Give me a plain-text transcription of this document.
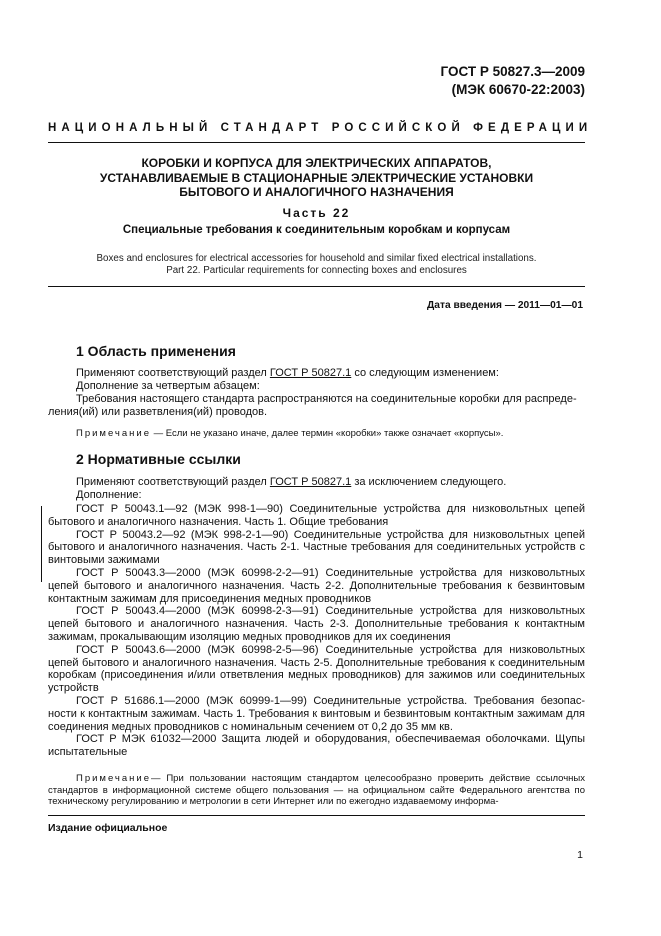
ГОСТ Р 50827.3—2009
(МЭК 60670-22:2003)
НАЦИОНАЛЬНЫЙ СТАНДАРТ РОССИЙСКОЙ ФЕДЕРАЦИИ
КОРОБКИ И КОРПУСА ДЛЯ ЭЛЕКТРИЧЕСКИХ АППАРАТОВ,
УСТАНАВЛИВАЕМЫЕ В СТАЦИОНАРНЫЕ ЭЛЕКТРИЧЕСКИЕ УСТАНОВКИ
БЫТОВОГО И АНАЛОГИЧНОГО НАЗНАЧЕНИЯ
Часть 22
Специальные требования к соединительным коробкам и корпусам
Boxes and enclosures for electrical accessories for household and similar fixed electrical installations.
Part 22. Particular requirements for connecting boxes and enclosures
Дата введения — 2011—01—01
1 Область применения
Применяют соответствующий раздел ГОСТ Р 50827.1 со следующим изменением:
Дополнение за четвертым абзацем:
Требования настоящего стандарта распространяются на соединительные коробки для распреде-
ления(ий) или разветвления(ий) проводов.
Примечание — Если не указано иначе, далее термин «коробки» также означает «корпусы».
2 Нормативные ссылки
Применяют соответствующий раздел ГОСТ Р 50827.1 за исключением следующего.
Дополнение:
ГОСТ Р 50043.1—92 (МЭК 998-1—90) Соединительные устройства для низковольтных цепей
бытового и аналогичного назначения. Часть 1. Общие требования
ГОСТ Р 50043.2—92 (МЭК 998-2-1—90) Соединительные устройства для низковольтных цепей
бытового и аналогичного назначения. Часть 2-1. Частные требования для соединительных устройств с винтовыми зажимами
ГОСТ Р 50043.3—2000 (МЭК 60998-2-2—91) Соединительные устройства для низковольтных
цепей бытового и аналогичного назначения. Часть 2-2. Дополнительные требования к безвинтовым контактным зажимам для присоединения медных проводников
ГОСТ Р 50043.4—2000 (МЭК 60998-2-3—91) Соединительные устройства для низковольтных
цепей бытового и аналогичного назначения. Часть 2-3. Дополнительные требования к контактным зажимам, прокалывающим изоляцию медных проводников для их соединения
ГОСТ Р 50043.6—2000 (МЭК 60998-2-5—96) Соединительные устройства для низковольтных
цепей бытового и аналогичного назначения. Часть 2-5. Дополнительные требования к соединительным коробкам (присоединения и/или ответвления медных проводников) для зажимов или соединительных устройств
ГОСТ Р 51686.1—2000 (МЭК 60999-1—99) Соединительные устройства. Требования безопас-
ности к контактным зажимам. Часть 1. Требования к винтовым и безвинтовым контактным зажимам для соединения медных проводников с номинальным сечением от 0,2 до 35 мм кв.
ГОСТ Р МЭК 61032—2000 Защита людей и оборудования, обеспечиваемая оболочками. Щупы
испытательные
Примечание— При пользовании настоящим стандартом целесообразно проверить действие ссылочных стандартов в информационной системе общего пользования — на официальном сайте Федерального агентства по техническому регулированию и метрологии в сети Интернет или по ежегодно издаваемому информа-
Издание официальное
1
